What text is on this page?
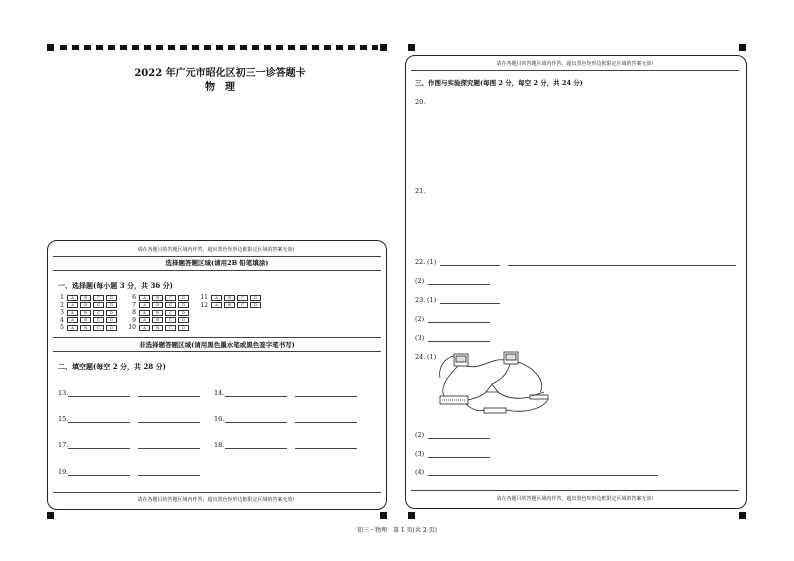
2022 年广元市昭化区初三一诊答题卡
物　理
请在各题目的答题区域内作答，超出黑色矩形边框限定区域的答案无效!
选择题答题区域(请用2B 铅笔填涂)
一、选择题(每小题 3 分，共 36 分)
1	A	B	C	D
2	A	B	C	D
3	A	B	C	D
4	A	B	C	D
5	A	B	C	D
6	A	B	C	D
7	A	B	C	D
8	A	B	C	D
9	A	B	C	D
10	A	B	C	D
11	A	B	C	D
12	A	B	C	D
非选择题答题区域(请用黑色墨水笔或黑色签字笔书写)
二、填空题(每空 2 分，共 28 分)
13.	14.
15.	16.
17.	18.
19.
请在各题目的答题区域内作答，超出黑色矩形边框限定区域的答案无效!
请在各题目的答题区域内作答，超出黑色矩形边框限定区域的答案无效!
三、作图与实验探究题(每图 2 分，每空 2 分，共 24 分)
20.
21.
22. (1)
(2)
23. (1)
(2)
(3)
24. (1)
(2)
(3)
(4)
请在各题目的答题区域内作答，超出黑色矩形边框限定区域的答案无效!
初三・物理　第 1 页(共 2 页)
